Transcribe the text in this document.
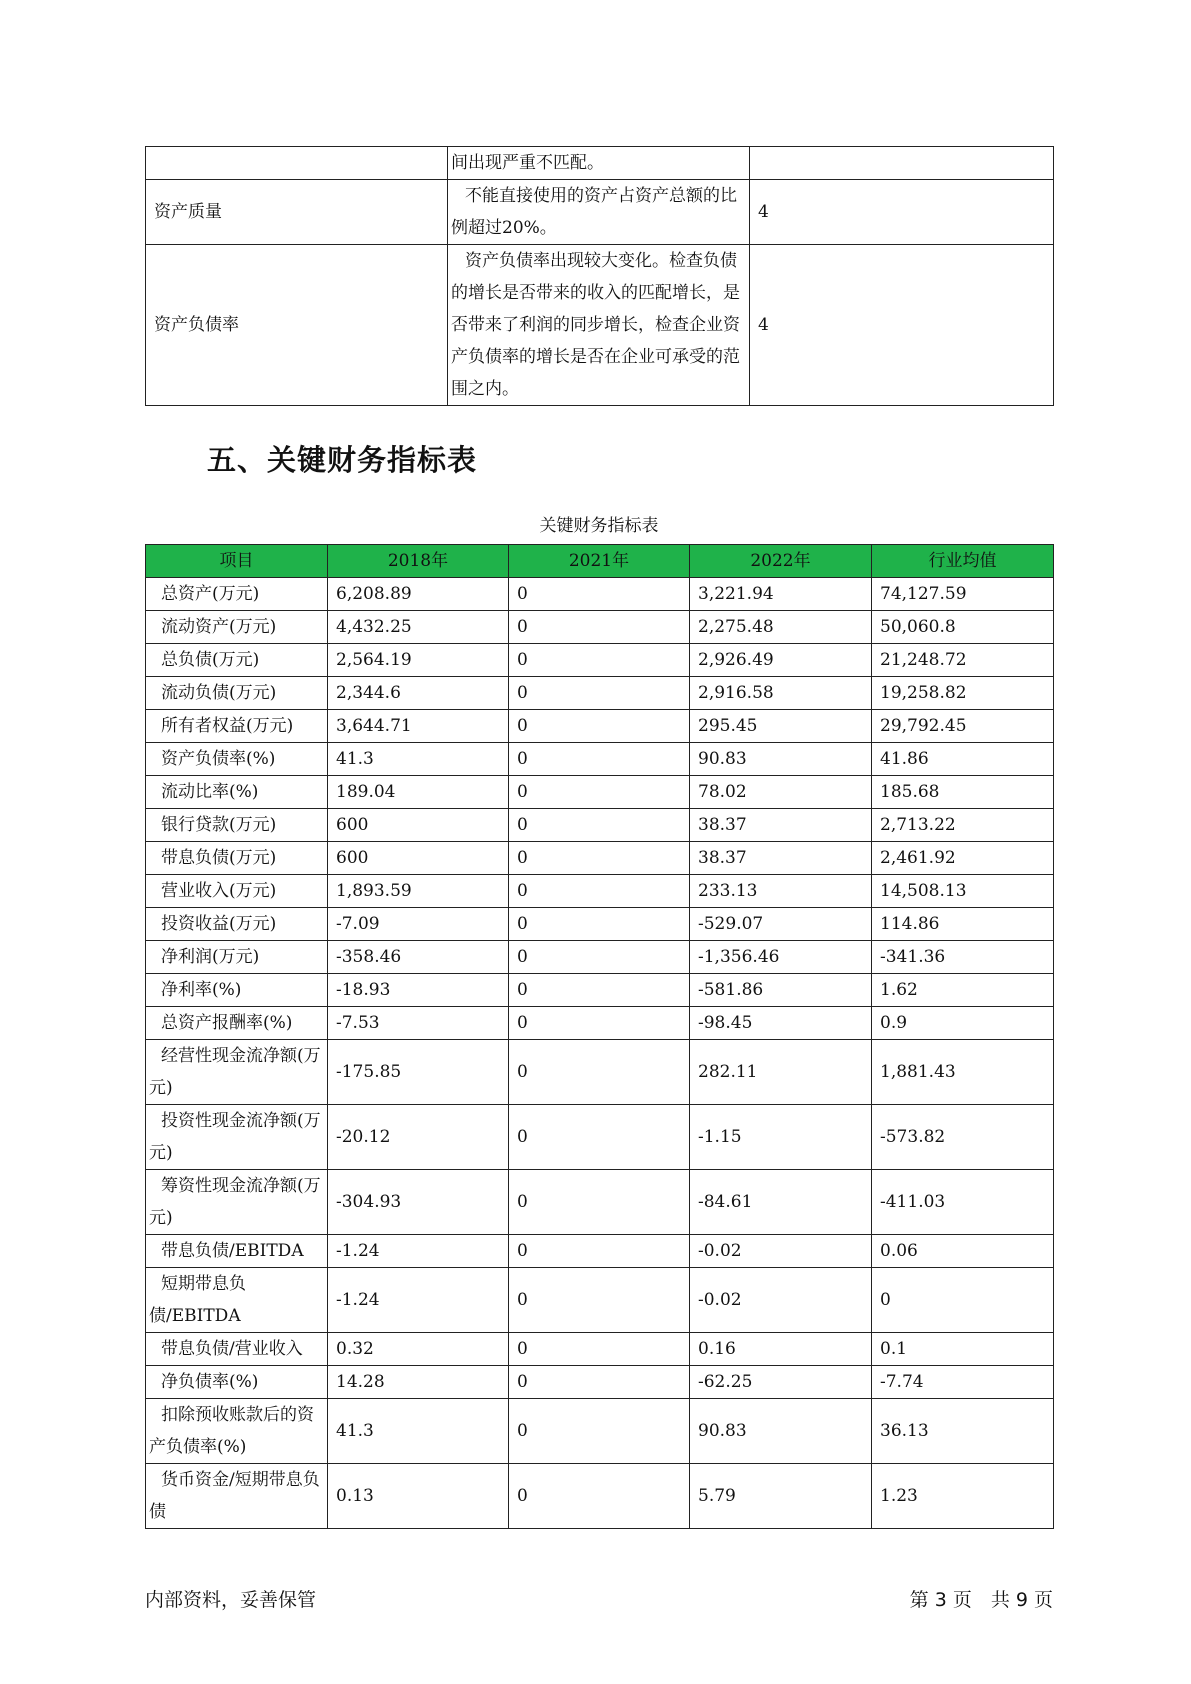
	间出现严重不匹配。	
资产质量	不能直接使用的资产占资产总额的比例超过20%。	4
资产负债率	资产负债率出现较大变化。检查负债的增长是否带来的收入的匹配增长，是否带来了利润的同步增长，检查企业资产负债率的增长是否在企业可承受的范围之内。	4
五、关键财务指标表
关键财务指标表
项目	2018年	2021年	2022年	行业均值
总资产(万元)	6,208.89	0	3,221.94	74,127.59
流动资产(万元)	4,432.25	0	2,275.48	50,060.8
总负债(万元)	2,564.19	0	2,926.49	21,248.72
流动负债(万元)	2,344.6	0	2,916.58	19,258.82
所有者权益(万元)	3,644.71	0	295.45	29,792.45
资产负债率(%)	41.3	0	90.83	41.86
流动比率(%)	189.04	0	78.02	185.68
银行贷款(万元)	600	0	38.37	2,713.22
带息负债(万元)	600	0	38.37	2,461.92
营业收入(万元)	1,893.59	0	233.13	14,508.13
投资收益(万元)	-7.09	0	-529.07	114.86
净利润(万元)	-358.46	0	-1,356.46	-341.36
净利率(%)	-18.93	0	-581.86	1.62
总资产报酬率(%)	-7.53	0	-98.45	0.9
经营性现金流净额(万元)	-175.85	0	282.11	1,881.43
投资性现金流净额(万元)	-20.12	0	-1.15	-573.82
筹资性现金流净额(万元)	-304.93	0	-84.61	-411.03
带息负债/EBITDA	-1.24	0	-0.02	0.06
短期带息负债/EBITDA	-1.24	0	-0.02	0
带息负债/营业收入	0.32	0	0.16	0.1
净负债率(%)	14.28	0	-62.25	-7.74
扣除预收账款后的资产负债率(%)	41.3	0	90.83	36.13
货币资金/短期带息负债	0.13	0	5.79	1.23
内部资料，妥善保管	第 3 页　共 9 页
